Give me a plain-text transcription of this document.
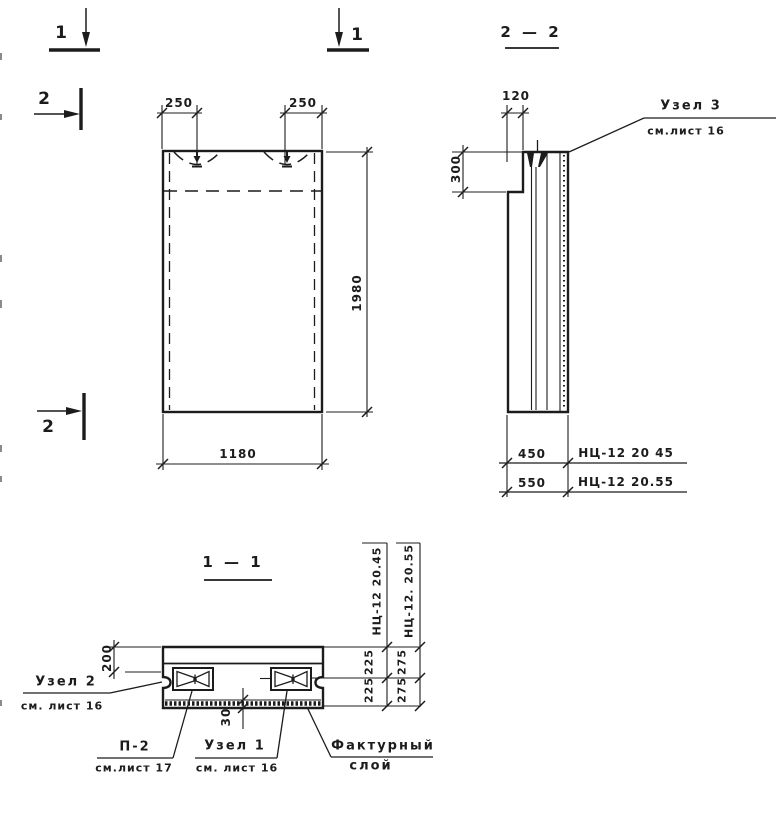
1	1
2
2
250	250
1980
1180
2 — 2
120
300
Узел 3
см.лист 16
450	НЦ-12 20 45
550	НЦ-12 20.55
1 — 1
200
30
НЦ-12 20.45 НЦ-12. 20.55
225
225
275
275
Узел 2
см. лист 16
П-2
см.лист 17
Узел 1
см. лист 16
Фактурный
слой
